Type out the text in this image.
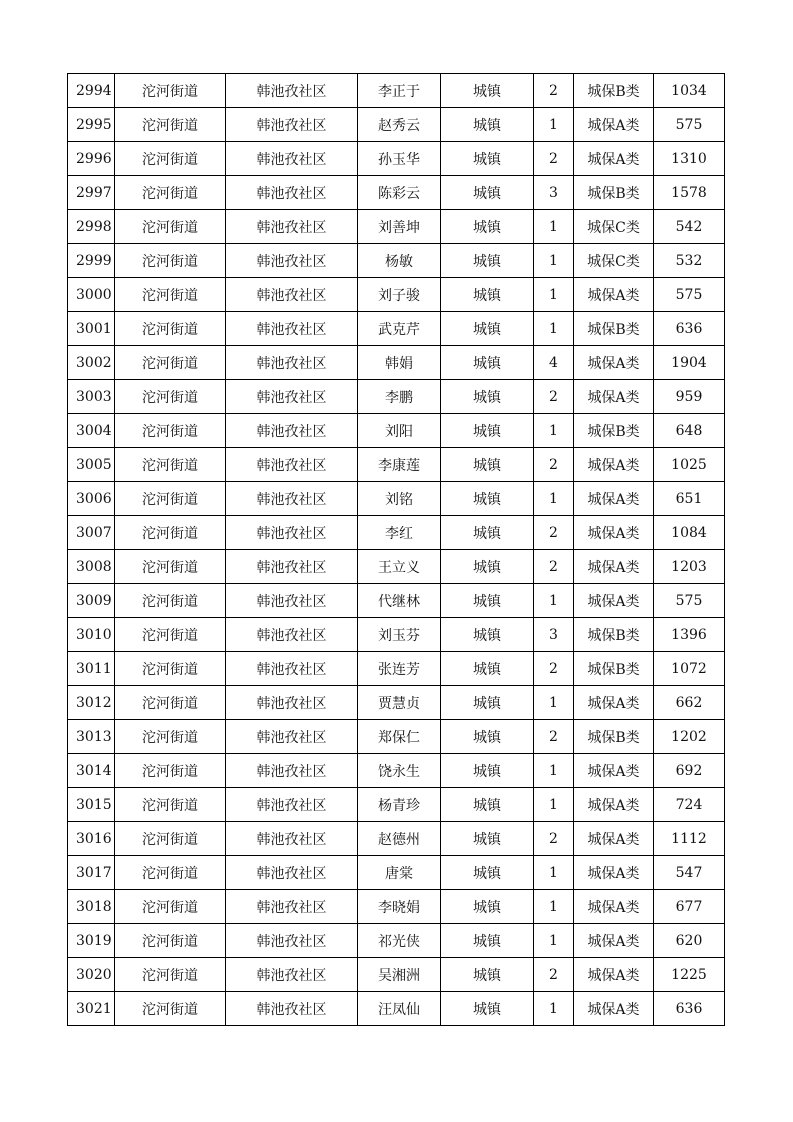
2994	沱河街道	韩池孜社区	李正于	城镇	2	城保B类	1034
2995	沱河街道	韩池孜社区	赵秀云	城镇	1	城保A类	575
2996	沱河街道	韩池孜社区	孙玉华	城镇	2	城保A类	1310
2997	沱河街道	韩池孜社区	陈彩云	城镇	3	城保B类	1578
2998	沱河街道	韩池孜社区	刘善坤	城镇	1	城保C类	542
2999	沱河街道	韩池孜社区	杨敏	城镇	1	城保C类	532
3000	沱河街道	韩池孜社区	刘子骏	城镇	1	城保A类	575
3001	沱河街道	韩池孜社区	武克芹	城镇	1	城保B类	636
3002	沱河街道	韩池孜社区	韩娟	城镇	4	城保A类	1904
3003	沱河街道	韩池孜社区	李鹏	城镇	2	城保A类	959
3004	沱河街道	韩池孜社区	刘阳	城镇	1	城保B类	648
3005	沱河街道	韩池孜社区	李康莲	城镇	2	城保A类	1025
3006	沱河街道	韩池孜社区	刘铭	城镇	1	城保A类	651
3007	沱河街道	韩池孜社区	李红	城镇	2	城保A类	1084
3008	沱河街道	韩池孜社区	王立义	城镇	2	城保A类	1203
3009	沱河街道	韩池孜社区	代继林	城镇	1	城保A类	575
3010	沱河街道	韩池孜社区	刘玉芬	城镇	3	城保B类	1396
3011	沱河街道	韩池孜社区	张连芳	城镇	2	城保B类	1072
3012	沱河街道	韩池孜社区	贾慧贞	城镇	1	城保A类	662
3013	沱河街道	韩池孜社区	郑保仁	城镇	2	城保B类	1202
3014	沱河街道	韩池孜社区	饶永生	城镇	1	城保A类	692
3015	沱河街道	韩池孜社区	杨青珍	城镇	1	城保A类	724
3016	沱河街道	韩池孜社区	赵德州	城镇	2	城保A类	1112
3017	沱河街道	韩池孜社区	唐棠	城镇	1	城保A类	547
3018	沱河街道	韩池孜社区	李晓娟	城镇	1	城保A类	677
3019	沱河街道	韩池孜社区	祁光侠	城镇	1	城保A类	620
3020	沱河街道	韩池孜社区	吴湘洲	城镇	2	城保A类	1225
3021	沱河街道	韩池孜社区	汪凤仙	城镇	1	城保A类	636
